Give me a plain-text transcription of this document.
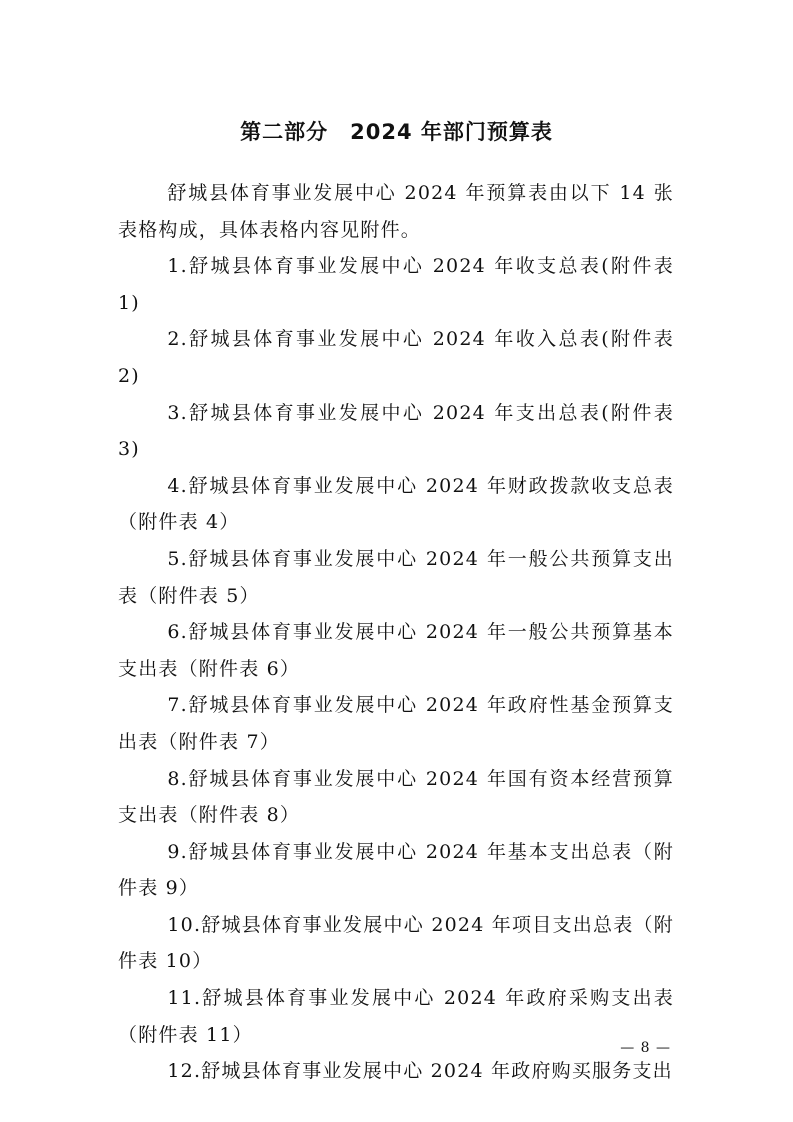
第二部分　2024 年部门预算表

舒城县体育事业发展中心 2024 年预算表由以下 14 张表格构成，具体表格内容见附件。

1.舒城县体育事业发展中心 2024 年收支总表(附件表 1)

2.舒城县体育事业发展中心 2024 年收入总表(附件表 2)

3.舒城县体育事业发展中心 2024 年支出总表(附件表 3)

4.舒城县体育事业发展中心 2024 年财政拨款收支总表（附件表 4）

5.舒城县体育事业发展中心 2024 年一般公共预算支出表（附件表 5）

6.舒城县体育事业发展中心 2024 年一般公共预算基本支出表（附件表 6）

7.舒城县体育事业发展中心 2024 年政府性基金预算支出表（附件表 7）

8.舒城县体育事业发展中心 2024 年国有资本经营预算支出表（附件表 8）

9.舒城县体育事业发展中心 2024 年基本支出总表（附件表 9）

10.舒城县体育事业发展中心 2024 年项目支出总表（附件表 10）

11.舒城县体育事业发展中心 2024 年政府采购支出表（附件表 11）

12.舒城县体育事业发展中心 2024 年政府购买服务支出

— 8 —
